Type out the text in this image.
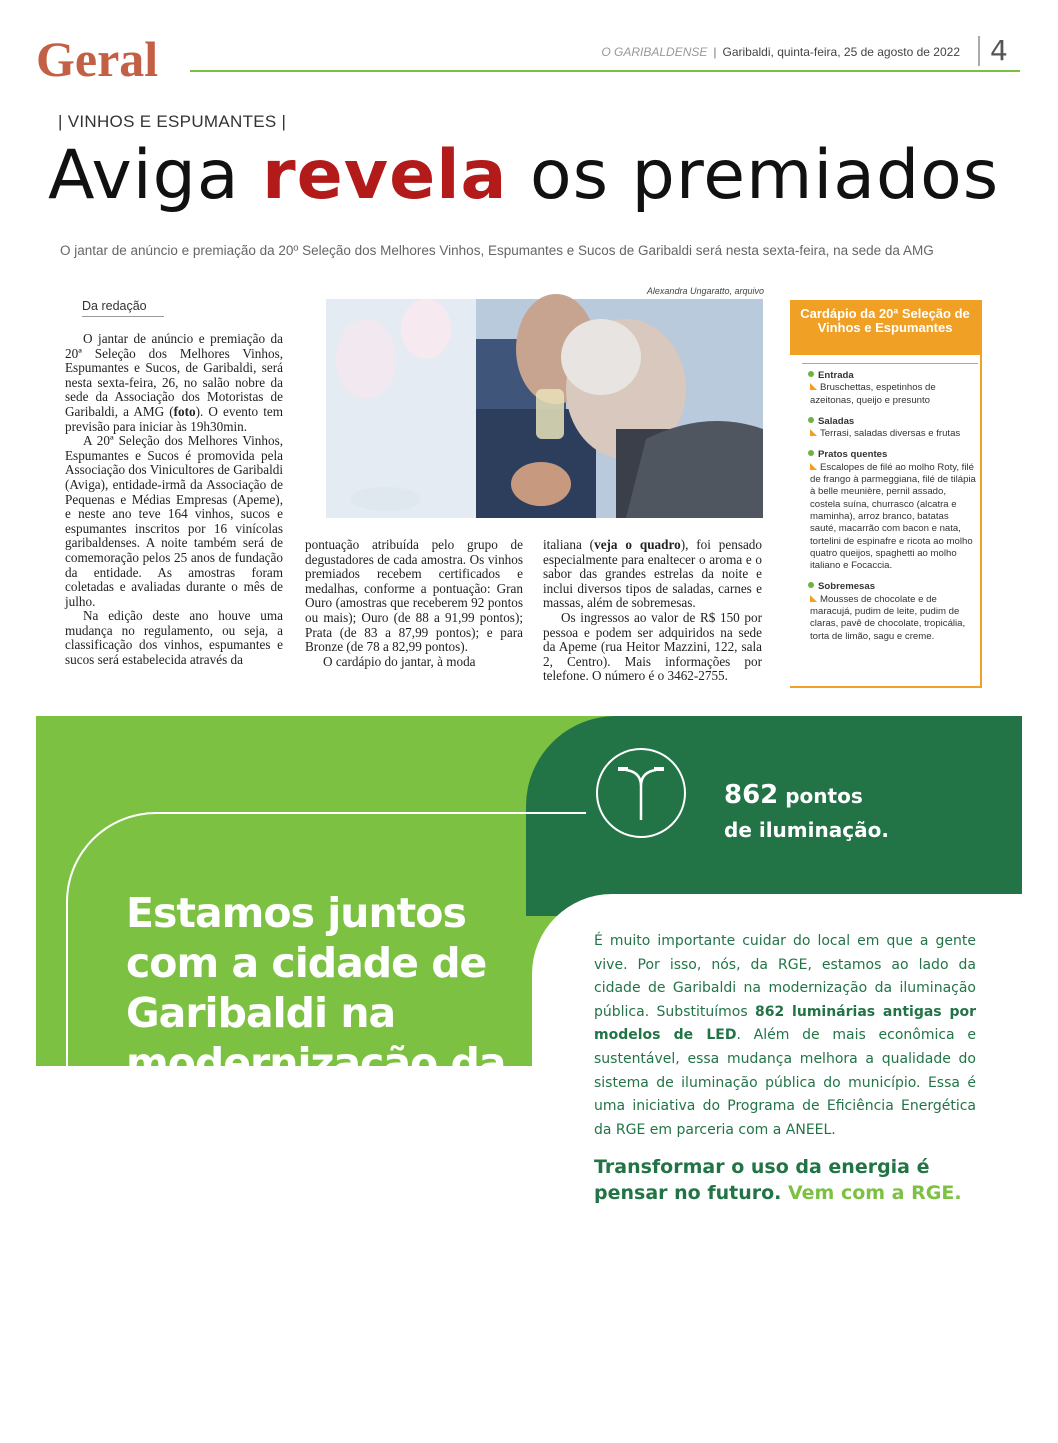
Geral	O GARIBALDENSE | Garibaldi, quinta-feira, 25 de agosto de 2022 4
| VINHOS E ESPUMANTES |
Aviga revela os premiados
O jantar de anúncio e premiação da 20º Seleção dos Melhores Vinhos, Espumantes e Sucos de Garibaldi será nesta sexta-feira, na sede da AMG
Da redação

O jantar de anúncio e premiação da 20ª Seleção dos Melhores Vinhos, Espumantes e Sucos, de Garibaldi, será nesta sexta-feira, 26, no salão nobre da sede da Associação dos Motoristas de Garibaldi, a AMG (foto). O evento tem previsão para iniciar às 19h30min.

A 20ª Seleção dos Melhores Vinhos, Espumantes e Sucos é promovida pela Associação dos Vinicultores de Garibaldi (Aviga), entidade-irmã da Associação de Pequenas e Médias Empresas (Apeme), e neste ano teve 164 vinhos, sucos e espumantes inscritos por 16 vinícolas garibaldenses. A noite também será de comemoração pelos 25 anos de fundação da entidade. As amostras foram coletadas e avaliadas durante o mês de julho.

Na edição deste ano houve uma mudança no regulamento, ou seja, a classificação dos vinhos, espumantes e sucos será estabelecida através da

Alexandra Ungaratto, arquivo

pontuação atribuída pelo grupo de degustadores de cada amostra. Os vinhos premiados recebem certificados e medalhas, conforme a pontuação: Gran Ouro (amostras que receberem 92 pontos ou mais); Ouro (de 88 a 91,99 pontos); Prata (de 83 a 87,99 pontos); e para Bronze (de 78 a 82,99 pontos).

O cardápio do jantar, à moda

italiana (veja o quadro), foi pensado especialmente para enaltecer o aroma e o sabor das grandes estrelas da noite e inclui diversos tipos de saladas, carnes e massas, além de sobremesas.

Os ingressos ao valor de R$ 150 por pessoa e podem ser adquiridos na sede da Apeme (rua Heitor Mazzini, 122, sala 2, Centro). Mais informações por telefone. O número é o 3462-2755.

Cardápio da 20ª Seleção de Vinhos e Espumantes
Entrada
Bruschettas, espetinhos de azeitonas, queijo e presunto
Saladas
Terrasi, saladas diversas e frutas
Pratos quentes
Escalopes de filé ao molho Roty, filé de frango à parmeggiana, filé de tilápia à belle meunière, pernil assado, costela suína, churrasco (alcatra e maminha), arroz branco, batatas sauté, macarrão com bacon e nata, tortelini de espinafre e ricota ao molho quatro queijos, spaghetti ao molho italiano e Focaccia.
Sobremesas
Mousses de chocolate e de maracujá, pudim de leite, pudim de claras, pavê de chocolate, tropicália, torta de limão, sagu e creme.
Estamos juntos com a cidade de Garibaldi na modernização da iluminação pública.
862 pontos
de iluminação.
É muito importante cuidar do local em que a gente vive. Por isso, nós, da RGE, estamos ao lado da cidade de Garibaldi na modernização da iluminação pública. Substituímos 862 luminárias antigas por modelos de LED. Além de mais econômica e sustentável, essa mudança melhora a qualidade do sistema de iluminação pública do município. Essa é uma iniciativa do Programa de Eficiência Energética da RGE em parceria com a ANEEL.
Transformar o uso da energia é pensar no futuro. Vem com a RGE.
